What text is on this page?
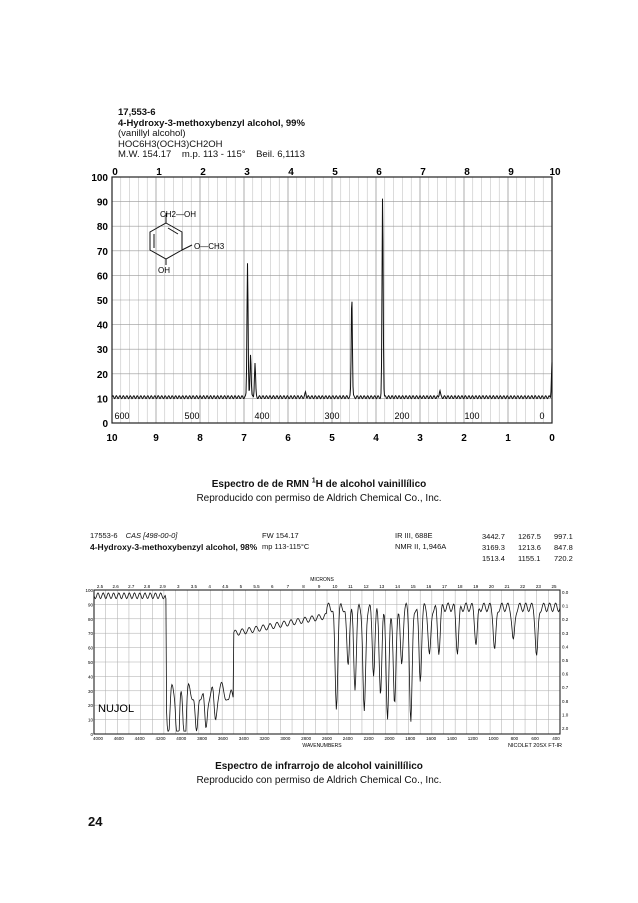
17,553-6
4-Hydroxy-3-methoxybenzyl alcohol, 99%
(vanillyl alcohol)
HOC6H3(OCH3)CH2OH
M.W. 154.17    m.p. 113 - 115°    Beil. 6,1113
100
90
80
70
60
50
40
30
20
10
0
0	1	2	3	4	5	6	7	8	9	10
10	9	8	7	6	5	4	3	2	1	0
600	500	400	300	200	100	0
CH2—OH
O—CH3
OH
Espectro de de RMN $^1$H de alcohol vainillílico
Reproducido con permiso de Aldrich Chemical Co., Inc.
17553-6 CAS [498-00-0]
4-Hydroxy-3-methoxybenzyl alcohol, 98%
FW 154.17
mp 113-115°C
IR III, 688E
NMR II, 1,946A
3442.7 1267.5 997.1
3169.3 1213.6 847.8
1513.4 1155.1 720.2
MICRONS
WAVENUMBERS	NICOLET 20SX FT-IR
NUJOL
2.5 2.6 2.7 2.8 2.9	3	3.5	4	4.5	5	5.5	6	7	8	9	10 11 12 13 14 15 16 17 18 19 20 21 22 23 25
4000 4600 4400 4200 4000 3800 3600 3400 3200 3000 2800 2600 2400 2200 2000 1800 1600 1400 1200 1000	800	600	400
100
90
80
70
60
50
40
30
20
10
0
0.0
0.1
0.2
0.3
0.4
0.5
0.6
0.7
0.8
1.0
2.0
Espectro de infrarrojo de alcohol vainillílico
Reproducido con permiso de Aldrich Chemical Co., Inc.
24
